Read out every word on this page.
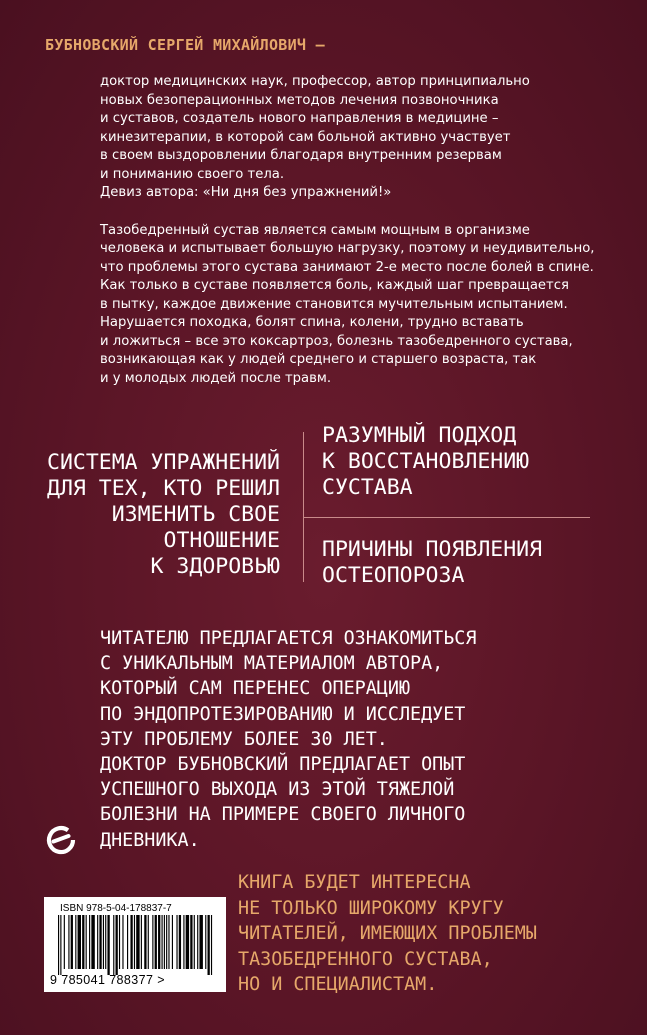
БУБНОВСКИЙ СЕРГЕЙ МИХАЙЛОВИЧ –

доктор медицинских наук, профессор, автор принципиально
новых безоперационных методов лечения позвоночника
и суставов, создатель нового направления в медицине –
кинезитерапии, в которой сам больной активно участвует
в своем выздоровлении благодаря внутренним резервам
и пониманию своего тела.

Девиз автора: «Ни дня без упражнений!»

Тазобедренный сустав является самым мощным в организме
человека и испытывает большую нагрузку, поэтому и неудивительно,
что проблемы этого сустава занимают 2-е место после болей в спине.
Как только в суставе появляется боль, каждый шаг превращается
в пытку, каждое движение становится мучительным испытанием.
Нарушается походка, болят спина, колени, трудно вставать
и ложиться – все это коксартроз, болезнь тазобедренного сустава,
возникающая как у людей среднего и старшего возраста, так
и у молодых людей после травм.

СИСТЕМА УПРАЖНЕНИЙ
ДЛЯ ТЕХ, КТО РЕШИЛ
ИЗМЕНИТЬ СВОЕ
ОТНОШЕНИЕ
К ЗДОРОВЬЮ
РАЗУМНЫЙ ПОДХОД
К ВОССТАНОВЛЕНИЮ
СУСТАВА
ПРИЧИНЫ ПОЯВЛЕНИЯ
ОСТЕОПОРОЗА
ЧИТАТЕЛЮ ПРЕДЛАГАЕТСЯ ОЗНАКОМИТЬСЯ
С УНИКАЛЬНЫМ МАТЕРИАЛОМ АВТОРА,
КОТОРЫЙ САМ ПЕРЕНЕС ОПЕРАЦИЮ
ПО ЭНДОПРОТЕЗИРОВАНИЮ И ИССЛЕДУЕТ
ЭТУ ПРОБЛЕМУ БОЛЕЕ 30 ЛЕТ.
ДОКТОР БУБНОВСКИЙ ПРЕДЛАГАЕТ ОПЫТ
УСПЕШНОГО ВЫХОДА ИЗ ЭТОЙ ТЯЖЕЛОЙ
БОЛЕЗНИ НА ПРИМЕРЕ СВОЕГО ЛИЧНОГО
ДНЕВНИКА.
КНИГА БУДЕТ ИНТЕРЕСНА
НЕ ТОЛЬКО ШИРОКОМУ КРУГУ
ЧИТАТЕЛЕЙ, ИМЕЮЩИХ ПРОБЛЕМЫ
ТАЗОБЕДРЕННОГО СУСТАВА,
НО И СПЕЦИАЛИСТАМ.
ISBN 978-5-04-178837-7
9 785041 788377 >
